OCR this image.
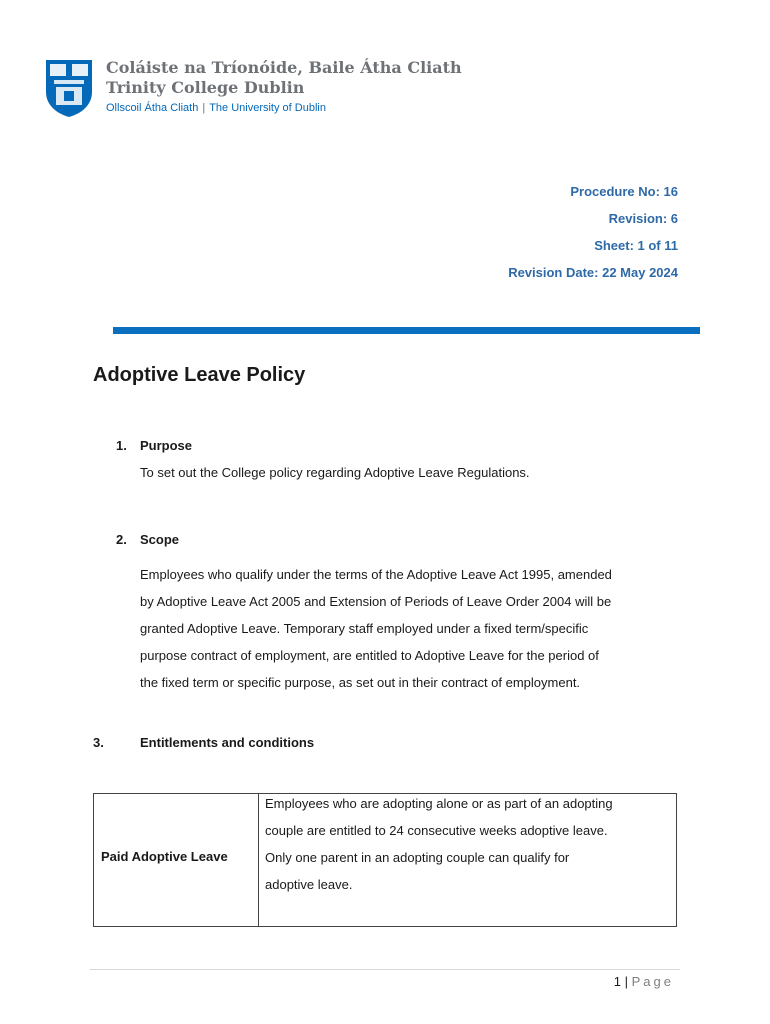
Coláiste na Tríonóide, Baile Átha Cliath
Trinity College Dublin
Ollscoil Átha Cliath | The University of Dublin
Procedure No: 16
Revision: 6
Sheet: 1 of 11
Revision Date: 22 May 2024
Adoptive Leave Policy
1. Purpose
To set out the College policy regarding Adoptive Leave Regulations.
2. Scope
Employees who qualify under the terms of the Adoptive Leave Act 1995, amended
by Adoptive Leave Act 2005 and Extension of Periods of Leave Order 2004 will be
granted Adoptive Leave. Temporary staff employed under a fixed term/specific
purpose contract of employment, are entitled to Adoptive Leave for the period of
the fixed term or specific purpose, as set out in their contract of employment.
3.	Entitlements and conditions
Paid Adoptive Leave
Employees who are adopting alone or as part of an adopting
couple are entitled to 24 consecutive weeks adoptive leave.
Only one parent in an adopting couple can qualify for
adoptive leave.
1 | Page
